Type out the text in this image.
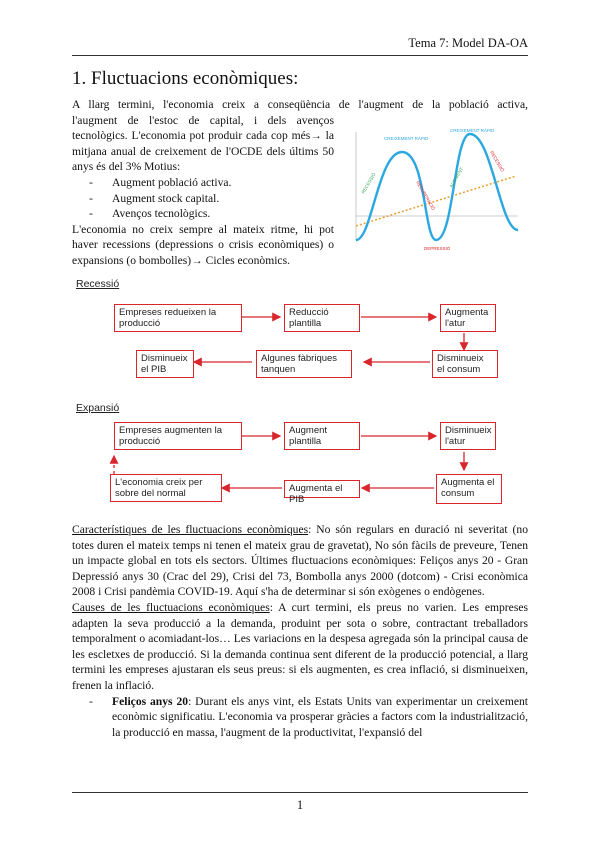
Tema 7: Model DA-OA
1. Fluctuacions econòmiques:
A llarg termini, l'economia creix a conseqüència de l'augment de la població activa,

l'augment de l'estoc de capital, i dels avenços tecnològics. L'economia pot produir cada cop més→ la mitjana anual de creixement de l'OCDE dels últims 50 anys és del 3% Motius:

- Augment població activa.
- Augment stock capital.
- Avenços tecnològics.

L'economia no creix sempre al mateix ritme, hi pot haver recessions (depressions o crisis econòmiques) o expansions (o bombolles)→ Cicles econòmics.

CREIXEMENT RÀPID
CREIXEMENT RÀPID
RECESSIÓ	RECUPERACIÓ
AUGMENT
RECESSIÓ
DEPRESSIÓ
Recessió
Empreses redueixen la producció
Reducció plantilla
Augmenta l'atur
Disminueix el consum
Algunes fàbriques tanquen
Disminueix el PIB
Expansió
Empreses augmenten la producció
Augment plantilla
Disminueix l'atur
Augmenta el consum
Augmenta el PIB
L'economia creix per sobre del normal

Característiques de les fluctuacions econòmiques: No són regulars en duració ni severitat (no totes duren el mateix temps ni tenen el mateix grau de gravetat), No són fàcils de preveure, Tenen un impacte global en tots els sectors. Últimes fluctuacions econòmiques: Feliços anys 20 - Gran Depressió anys 30 (Crac del 29), Crisi del 73, Bombolla anys 2000 (dotcom) - Crisi econòmica 2008 i Crisi pandèmia COVID-19. Aquí s'ha de determinar si són exògenes o endògenes.

Causes de les fluctuacions econòmiques: A curt termini, els preus no varien. Les empreses adapten la seva producció a la demanda, produint per sota o sobre, contractant treballadors temporalment o acomiadant-los… Les variacions en la despesa agregada són la principal causa de les escletxes de producció. Si la demanda continua sent diferent de la producció potencial, a llarg termini les empreses ajustaran els seus preus: si els augmenten, es crea inflació, si disminueixen, frenen la inflació.

- Feliços anys 20: Durant els anys vint, els Estats Units van experimentar un creixement econòmic significatiu. L'economia va prosperar gràcies a factors com la industrialització, la producció en massa, l'augment de la productivitat, l'expansió del
1
